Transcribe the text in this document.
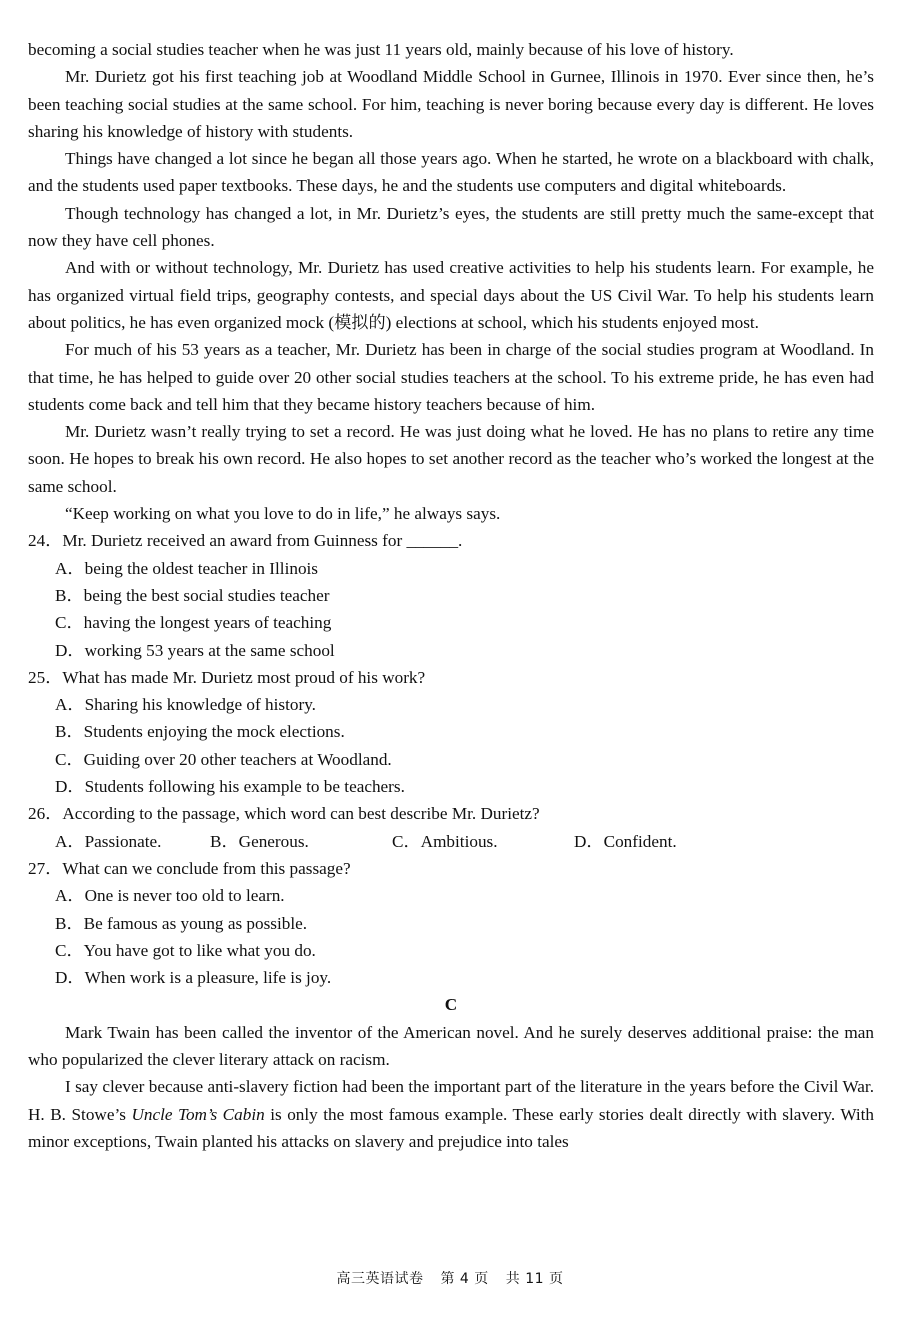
becoming a social studies teacher when he was just 11 years old, mainly because of his love of history.

Mr. Durietz got his first teaching job at Woodland Middle School in Gurnee, Illinois in 1970. Ever since then, he’s been teaching social studies at the same school. For him, teaching is never boring because every day is different. He loves sharing his knowledge of history with students.

Things have changed a lot since he began all those years ago. When he started, he wrote on a blackboard with chalk, and the students used paper textbooks. These days, he and the students use computers and digital whiteboards.

Though technology has changed a lot, in Mr. Durietz’s eyes, the students are still pretty much the same-except that now they have cell phones.

And with or without technology, Mr. Durietz has used creative activities to help his students learn. For example, he has organized virtual field trips, geography contests, and special days about the US Civil War. To help his students learn about politics, he has even organized mock (模拟的) elections at school, which his students enjoyed most.

For much of his 53 years as a teacher, Mr. Durietz has been in charge of the social studies program at Woodland. In that time, he has helped to guide over 20 other social studies teachers at the school. To his extreme pride, he has even had students come back and tell him that they became history teachers because of him.

Mr. Durietz wasn’t really trying to set a record. He was just doing what he loved. He has no plans to retire any time soon. He hopes to break his own record. He also hopes to set another record as the teacher who’s worked the longest at the same school.

“Keep working on what you love to do in life,” he always says.

24．Mr. Durietz received an award from Guinness for ______.

A．being the oldest teacher in Illinois

B．being the best social studies teacher

C．having the longest years of teaching

D．working 53 years at the same school

25．What has made Mr. Durietz most proud of his work?

A．Sharing his knowledge of history.

B．Students enjoying the mock elections.

C．Guiding over 20 other teachers at Woodland.

D．Students following his example to be teachers.

26．According to the passage, which word can best describe Mr. Durietz?

A．Passionate.	B．Generous.	C．Ambitious.	D．Confident.

27．What can we conclude from this passage?

A．One is never too old to learn.

B．Be famous as young as possible.

C．You have got to like what you do.

D．When work is a pleasure, life is joy.

C

Mark Twain has been called the inventor of the American novel. And he surely deserves additional praise: the man who popularized the clever literary attack on racism.

I say clever because anti-slavery fiction had been the important part of the literature in the years before the Civil War. H. B. Stowe’s Uncle Tom’s Cabin is only the most famous example. These early stories dealt directly with slavery. With minor exceptions, Twain planted his attacks on slavery and prejudice into tales

高三英语试卷 第 4 页 共 11 页
